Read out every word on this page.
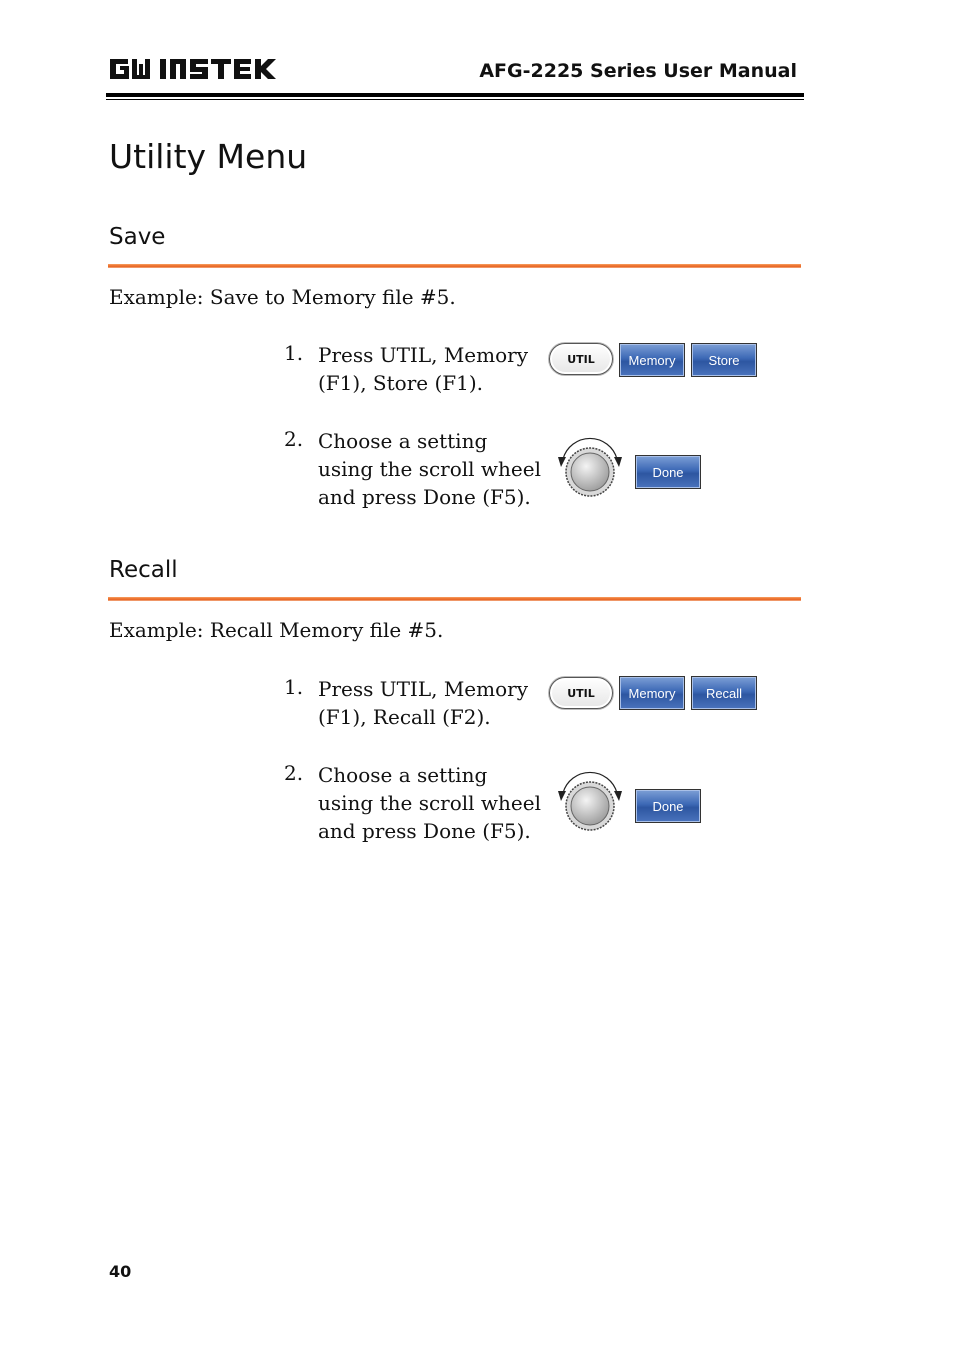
AFG-2225 Series User Manual
Utility Menu
Save
Example: Save to Memory file #5.
1. Press UTIL, Memory
(F1), Store (F1).
UTIL	Memory	Store
2. Choose a setting
using the scroll wheel
and press Done (F5).
Done
Recall
Example: Recall Memory file #5.
1. Press UTIL, Memory
(F1), Recall (F2).
UTIL	Memory	Recall
2. Choose a setting
using the scroll wheel
and press Done (F5).
Done
40
